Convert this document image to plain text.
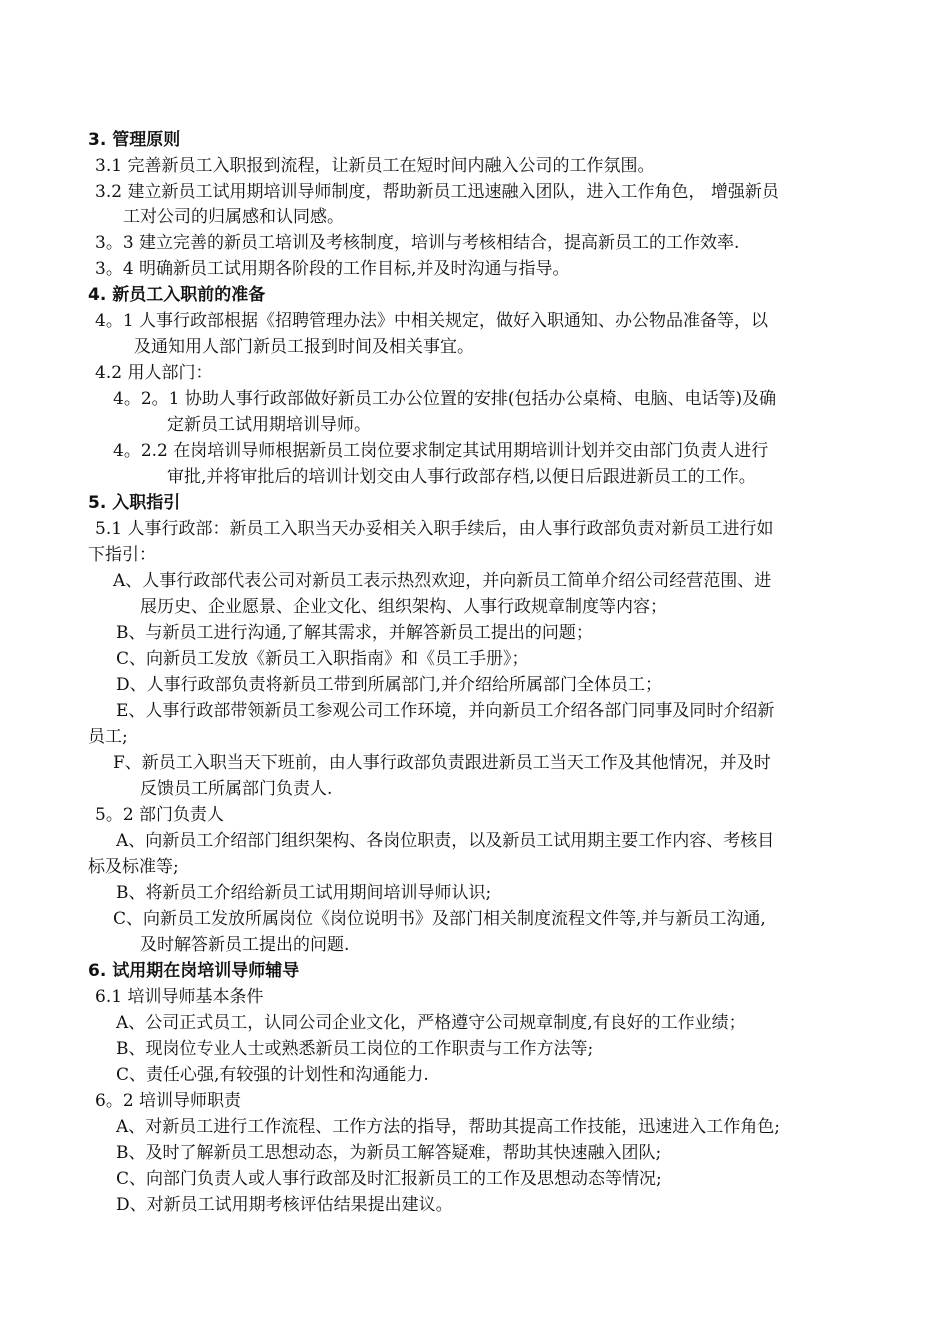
3. 管理原则
3.1 完善新员工入职报到流程，让新员工在短时间内融入公司的工作氛围。
3.2 建立新员工试用期培训导师制度，帮助新员工迅速融入团队，进入工作角色， 增强新员
工对公司的归属感和认同感。
3。3 建立完善的新员工培训及考核制度，培训与考核相结合，提高新员工的工作效率.
3。4 明确新员工试用期各阶段的工作目标,并及时沟通与指导。
4. 新员工入职前的准备
4。1 人事行政部根据《招聘管理办法》中相关规定，做好入职通知、办公物品准备等，以
及通知用人部门新员工报到时间及相关事宜。
4.2 用人部门：
4。2。1 协助人事行政部做好新员工办公位置的安排(包括办公桌椅、电脑、电话等)及确
定新员工试用期培训导师。
4。2.2 在岗培训导师根据新员工岗位要求制定其试用期培训计划并交由部门负责人进行
审批,并将审批后的培训计划交由人事行政部存档,以便日后跟进新员工的工作。
5. 入职指引
5.1 人事行政部：新员工入职当天办妥相关入职手续后，由人事行政部负责对新员工进行如
下指引：
A、人事行政部代表公司对新员工表示热烈欢迎，并向新员工简单介绍公司经营范围、进
展历史、企业愿景、企业文化、组织架构、人事行政规章制度等内容；
B、与新员工进行沟通,了解其需求，并解答新员工提出的问题；
C、向新员工发放《新员工入职指南》和《员工手册》；
D、人事行政部负责将新员工带到所属部门,并介绍给所属部门全体员工；
E、人事行政部带领新员工参观公司工作环境，并向新员工介绍各部门同事及同时介绍新
员工;
F、新员工入职当天下班前，由人事行政部负责跟进新员工当天工作及其他情况，并及时
反馈员工所属部门负责人.
5。2 部门负责人
A、向新员工介绍部门组织架构、各岗位职责，以及新员工试用期主要工作内容、考核目
标及标准等;
B、将新员工介绍给新员工试用期间培训导师认识;
C、向新员工发放所属岗位《岗位说明书》及部门相关制度流程文件等,并与新员工沟通,
及时解答新员工提出的问题.
6. 试用期在岗培训导师辅导
6.1 培训导师基本条件
A、公司正式员工，认同公司企业文化，严格遵守公司规章制度,有良好的工作业绩；
B、现岗位专业人士或熟悉新员工岗位的工作职责与工作方法等;
C、责任心强,有较强的计划性和沟通能力.
6。2 培训导师职责
A、对新员工进行工作流程、工作方法的指导，帮助其提高工作技能，迅速进入工作角色;
B、及时了解新员工思想动态，为新员工解答疑难，帮助其快速融入团队;
C、向部门负责人或人事行政部及时汇报新员工的工作及思想动态等情况;
D、对新员工试用期考核评估结果提出建议。
